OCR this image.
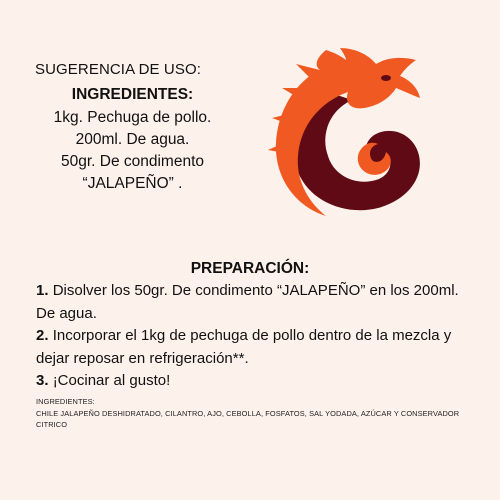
SUGERENCIA DE USO:
INGREDIENTES:
1kg. Pechuga de pollo.
200ml. De agua.
50gr. De condimento
“JALAPEÑO” .
PREPARACIÓN:
1. Disolver los 50gr. De condimento “JALAPEÑO” en los 200ml. De agua.
2. Incorporar el 1kg de pechuga de pollo dentro de la mezcla y dejar reposar en refrigeración**.
3. ¡Cocinar al gusto!
INGREDIENTES:
CHILE JALAPEÑO DESHIDRATADO, CILANTRO, AJO, CEBOLLA, FOSFATOS, SAL YODADA, AZÚCAR Y CONSERVADOR CITRICO
